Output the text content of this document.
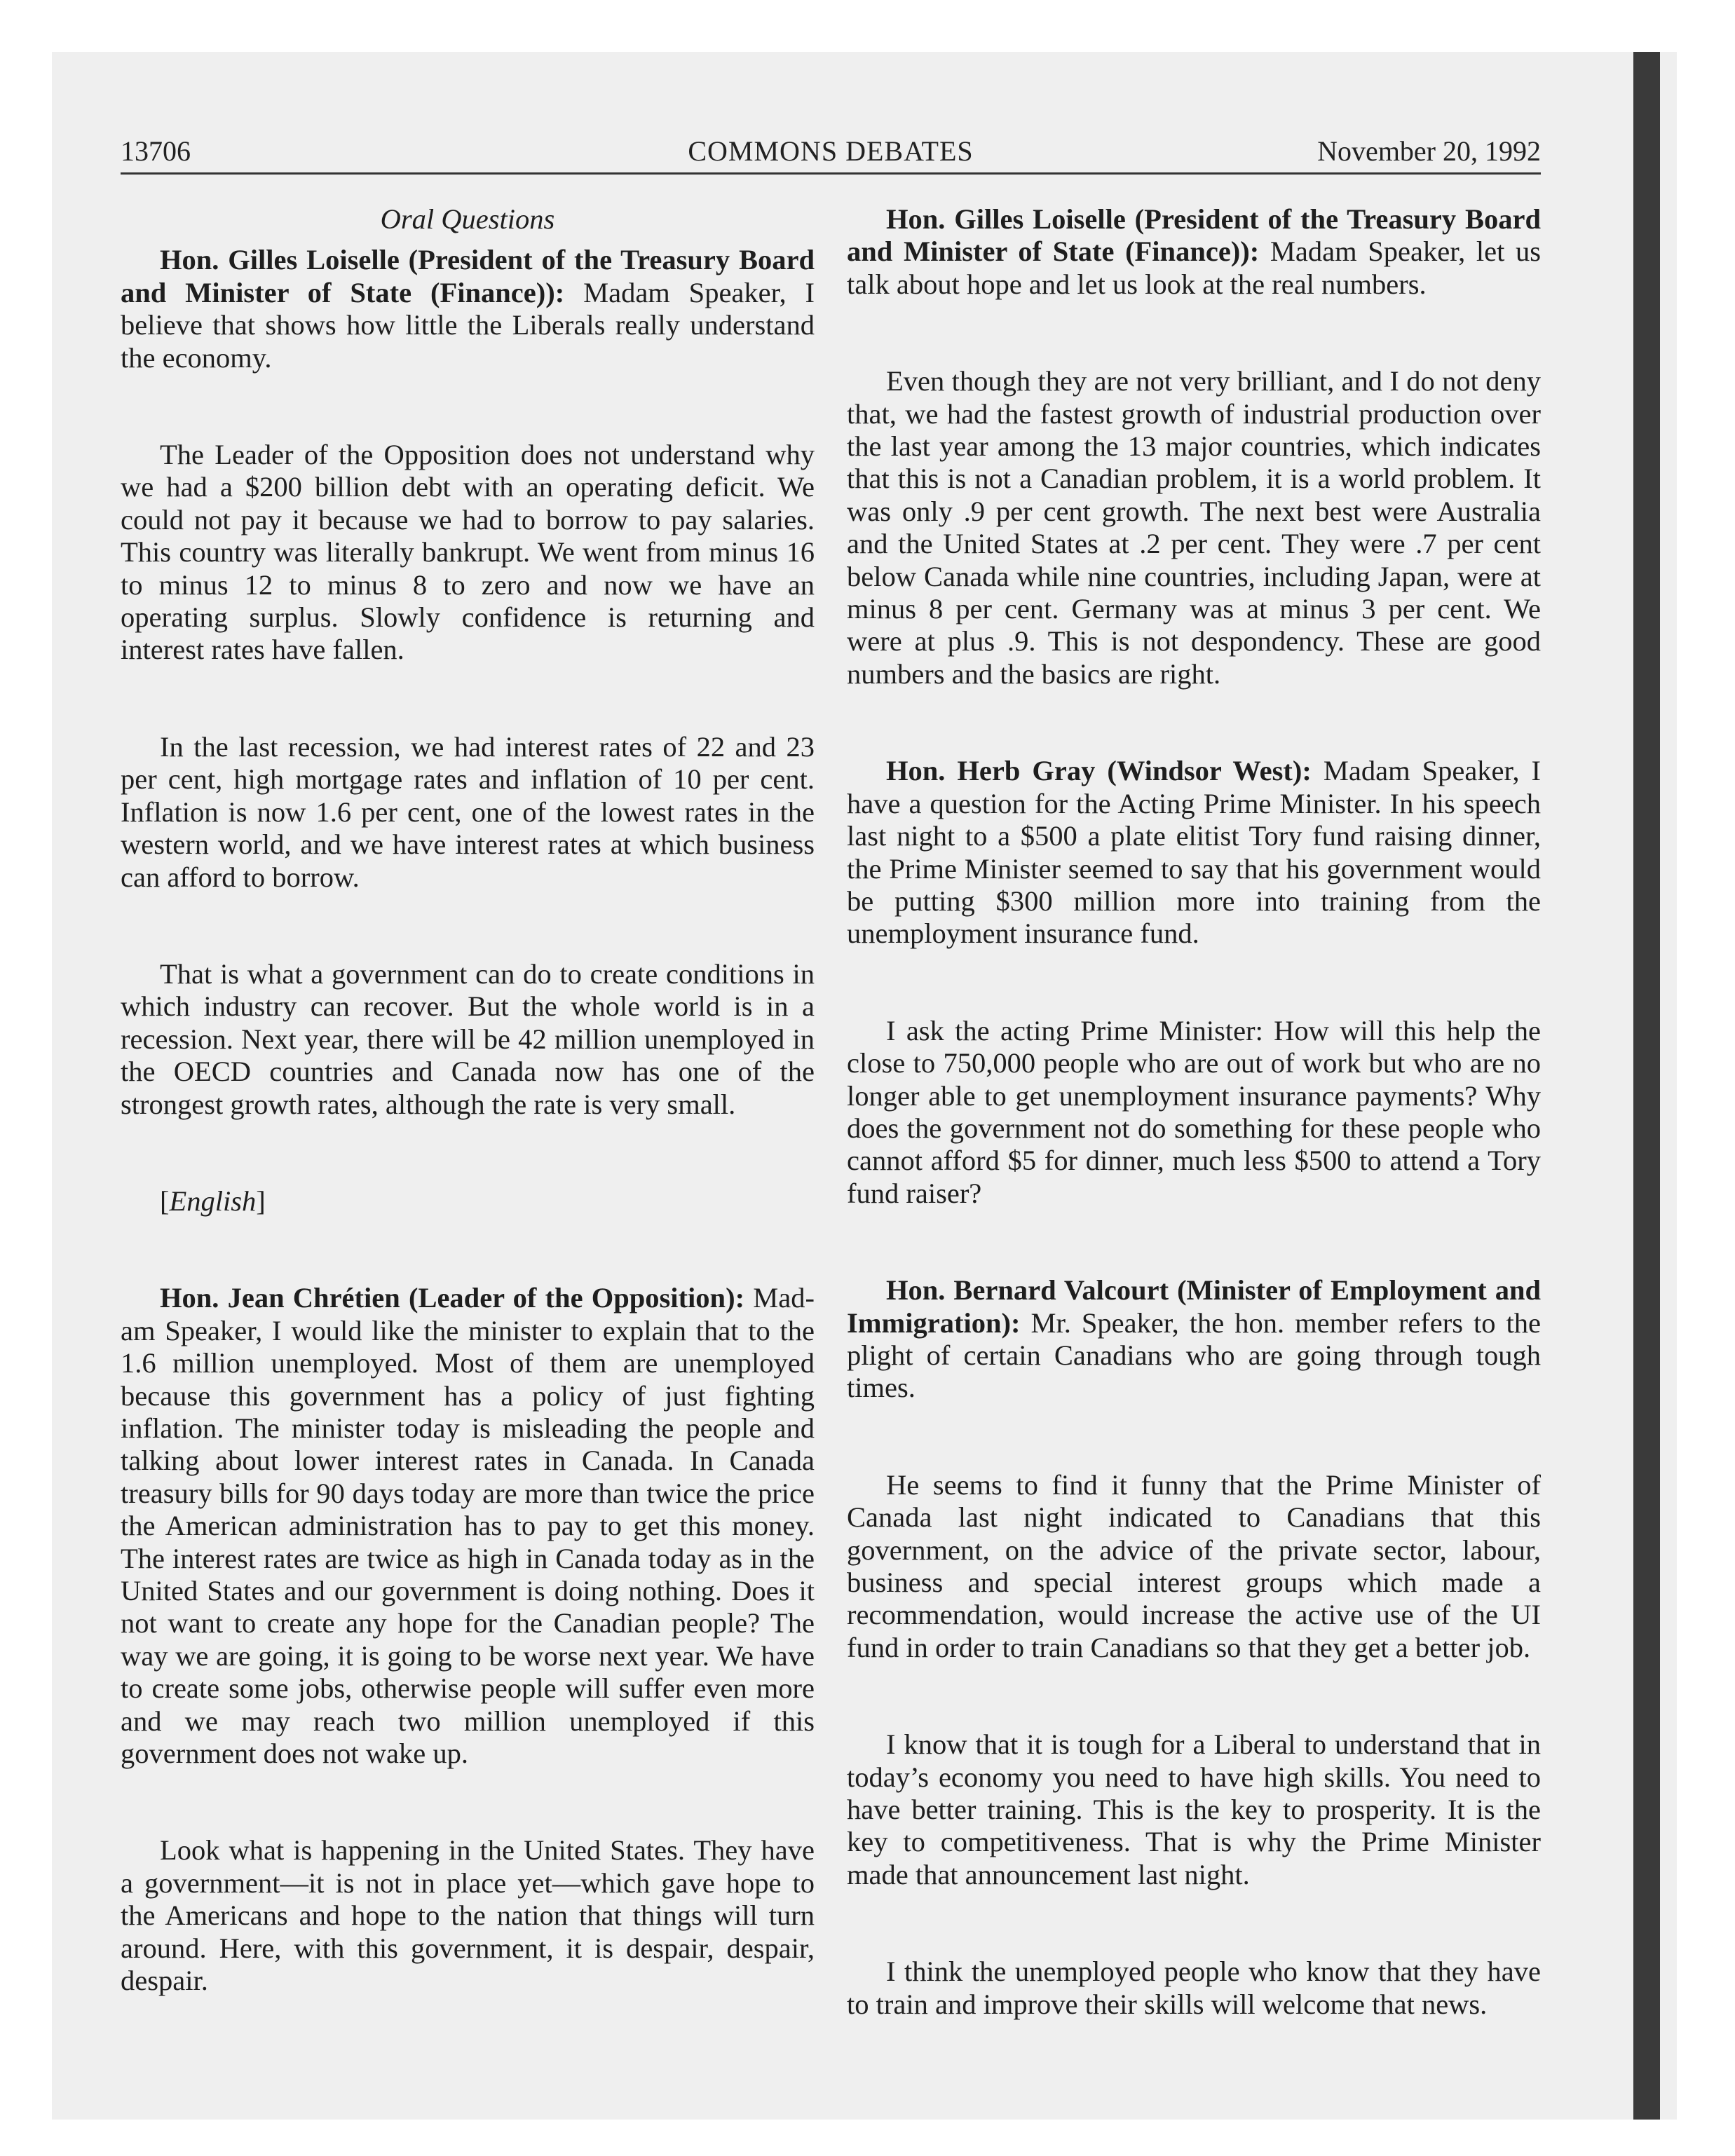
13706	COMMONS DEBATES	November 20, 1992

Oral Questions

Hon. Gilles Loiselle (President of the Treasury Board and Minister of State (Finance)): Madam Speaker, I believe that shows how little the Liberals really understand the economy.

The Leader of the Opposition does not understand why we had a $200 billion debt with an operating deficit. We could not pay it because we had to borrow to pay salaries. This country was literally bankrupt. We went from minus 16 to minus 12 to minus 8 to zero and now we have an operating surplus. Slowly confidence is returning and interest rates have fallen.

In the last recession, we had interest rates of 22 and 23 per cent, high mortgage rates and inflation of 10 per cent. Inflation is now 1.6 per cent, one of the lowest rates in the western world, and we have interest rates at which business can afford to borrow.

That is what a government can do to create conditions in which industry can recover. But the whole world is in a recession. Next year, there will be 42 million unemployed in the OECD countries and Canada now has one of the strongest growth rates, although the rate is very small.

[English]

Hon. Jean Chrétien (Leader of the Opposition): Madam Speaker, I would like the minister to explain that to the 1.6 million unemployed. Most of them are unemployed because this government has a policy of just fighting inflation. The minister today is misleading the people and talking about lower interest rates in Canada. In Canada treasury bills for 90 days today are more than twice the price the American administration has to pay to get this money. The interest rates are twice as high in Canada today as in the United States and our government is doing nothing. Does it not want to create any hope for the Canadian people? The way we are going, it is going to be worse next year. We have to create some jobs, otherwise people will suffer even more and we may reach two million unemployed if this government does not wake up.

Look what is happening in the United States. They have a government—it is not in place yet—which gave hope to the Americans and hope to the nation that things will turn around. Here, with this government, it is despair, despair, despair.

Hon. Gilles Loiselle (President of the Treasury Board and Minister of State (Finance)): Madam Speaker, let us talk about hope and let us look at the real numbers.

Even though they are not very brilliant, and I do not deny that, we had the fastest growth of industrial production over the last year among the 13 major countries, which indicates that this is not a Canadian problem, it is a world problem. It was only .9 per cent growth. The next best were Australia and the United States at .2 per cent. They were .7 per cent below Canada while nine countries, including Japan, were at minus 8 per cent. Germany was at minus 3 per cent. We were at plus .9. This is not despondency. These are good numbers and the basics are right.

Hon. Herb Gray (Windsor West): Madam Speaker, I have a question for the Acting Prime Minister. In his speech last night to a $500 a plate elitist Tory fund raising dinner, the Prime Minister seemed to say that his government would be putting $300 million more into training from the unemployment insurance fund.

I ask the acting Prime Minister: How will this help the close to 750,000 people who are out of work but who are no longer able to get unemployment insurance payments? Why does the government not do something for these people who cannot afford $5 for dinner, much less $500 to attend a Tory fund raiser?

Hon. Bernard Valcourt (Minister of Employment and Immigration): Mr. Speaker, the hon. member refers to the plight of certain Canadians who are going through tough times.

He seems to find it funny that the Prime Minister of Canada last night indicated to Canadians that this government, on the advice of the private sector, labour, business and special interest groups which made a recommendation, would increase the active use of the UI fund in order to train Canadians so that they get a better job.

I know that it is tough for a Liberal to understand that in today’s economy you need to have high skills. You need to have better training. This is the key to prosperity. It is the key to competitiveness. That is why the Prime Minister made that announcement last night.

I think the unemployed people who know that they have to train and improve their skills will welcome that news.
